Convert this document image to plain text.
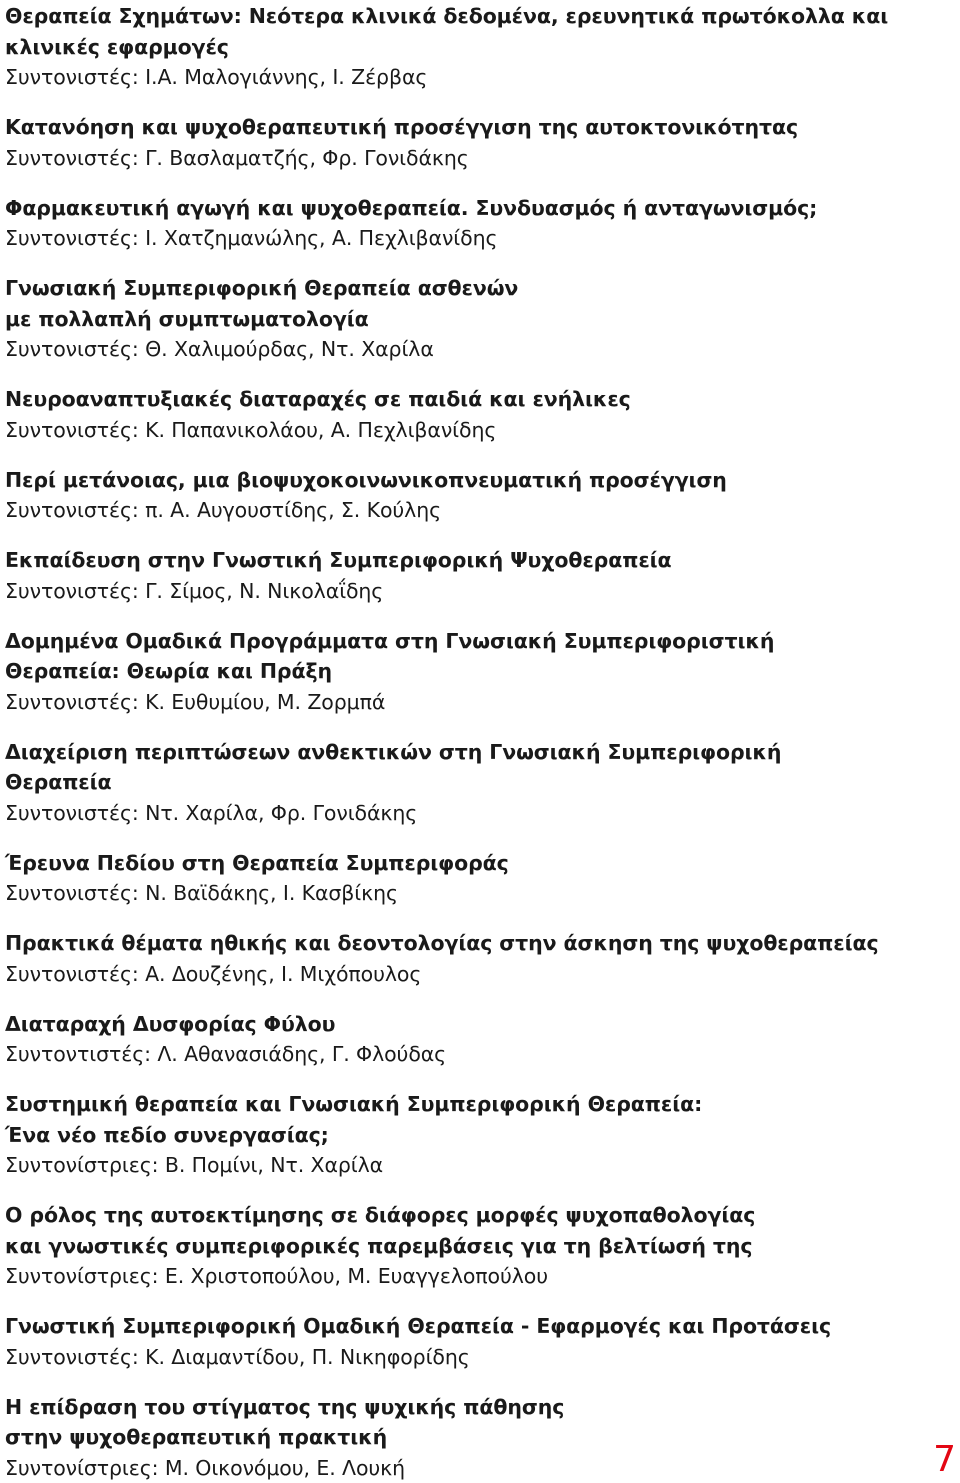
Θεραπεία Σχημάτων: Νεότερα κλινικά δεδομένα, ερευνητικά πρωτόκολλα και
κλινικές εφαρμογές
Συντονιστές: Ι.Α. Μαλογιάννης, Ι. Ζέρβας
Κατανόηση και ψυχοθεραπευτική προσέγγιση της αυτοκτονικότητας
Συντονιστές: Γ. Βασλαματζής, Φρ. Γονιδάκης
Φαρμακευτική αγωγή και ψυχοθεραπεία. Συνδυασμός ή ανταγωνισμός;
Συντονιστές: Ι. Χατζημανώλης, Α. Πεχλιβανίδης
Γνωσιακή Συμπεριφορική Θεραπεία ασθενών
με πολλαπλή συμπτωματολογία
Συντονιστές: Θ. Χαλιμούρδας, Ντ. Χαρίλα
Νευροαναπτυξιακές διαταραχές σε παιδιά και ενήλικες
Συντονιστές: Κ. Παπανικολάου, Α. Πεχλιβανίδης
Περί μετάνοιας, μια βιοψυχοκοινωνικοπνευματική προσέγγιση
Συντονιστές: π. Α. Αυγουστίδης, Σ. Κούλης
Εκπαίδευση στην Γνωστική Συμπεριφορική Ψυχοθεραπεία
Συντονιστές: Γ. Σίμος, Ν. Νικολαΐδης
Δομημένα Ομαδικά Προγράμματα στη Γνωσιακή Συμπεριφοριστική
Θεραπεία: Θεωρία και Πράξη
Συντονιστές: Κ. Ευθυμίου, Μ. Ζορμπά
Διαχείριση περιπτώσεων ανθεκτικών στη Γνωσιακή Συμπεριφορική
Θεραπεία
Συντονιστές: Ντ. Χαρίλα, Φρ. Γονιδάκης
Έρευνα Πεδίου στη Θεραπεία Συμπεριφοράς
Συντονιστές: Ν. Βαϊδάκης, Ι. Κασβίκης
Πρακτικά θέματα ηθικής και δεοντολογίας στην άσκηση της ψυχοθεραπείας
Συντονιστές: Α. Δουζένης, Ι. Μιχόπουλος
Διαταραχή Δυσφορίας Φύλου
Συντοντιστές: Λ. Αθανασιάδης, Γ. Φλούδας
Συστημική θεραπεία και Γνωσιακή Συμπεριφορική Θεραπεία:
Ένα νέο πεδίο συνεργασίας;
Συντονίστριες: Β. Πομίνι, Ντ. Χαρίλα
Ο ρόλος της αυτοεκτίμησης σε διάφορες μορφές ψυχοπαθολογίας
και γνωστικές συμπεριφορικές παρεμβάσεις για τη βελτίωσή της
Συντονίστριες: Ε. Χριστοπούλου, Μ. Ευαγγελοπούλου
Γνωστική Συμπεριφορική Ομαδική Θεραπεία - Εφαρμογές και Προτάσεις
Συντονιστές: Κ. Διαμαντίδου, Π. Νικηφορίδης
Η επίδραση του στίγματος της ψυχικής πάθησης
στην ψυχοθεραπευτική πρακτική
Συντονίστριες: Μ. Οικονόμου, Ε. Λουκή	7
